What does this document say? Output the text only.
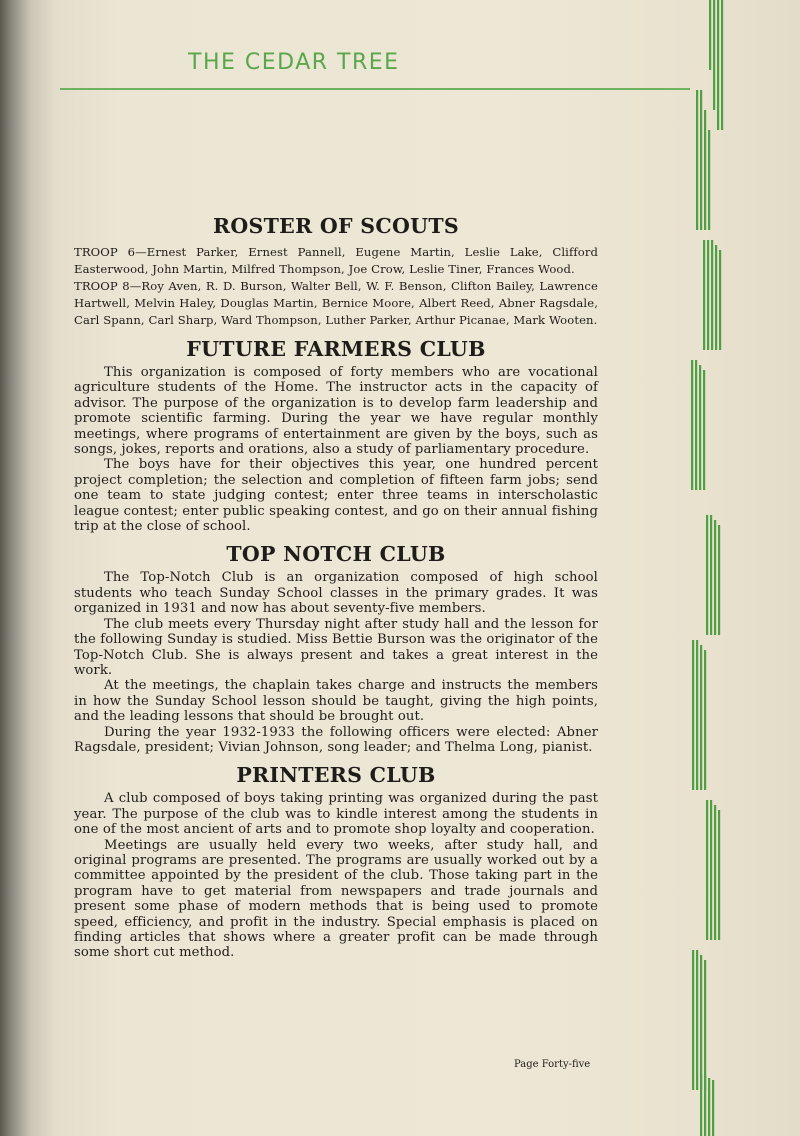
THE CEDAR TREE
ROSTER OF SCOUTS

TROOP 6—Ernest Parker, Ernest Pannell, Eugene Martin, Leslie Lake, Clifford Easterwood, John Martin, Milfred Thompson, Joe Crow, Leslie Tiner, Frances Wood.

TROOP 8—Roy Aven, R. D. Burson, Walter Bell, W. F. Benson, Clifton Bailey, Lawrence Hartwell, Melvin Haley, Douglas Martin, Bernice Moore, Albert Reed, Abner Ragsdale, Carl Spann, Carl Sharp, Ward Thompson, Luther Parker, Arthur Picanae, Mark Wooten.

FUTURE FARMERS CLUB

This organization is composed of forty members who are vocational agriculture students of the Home. The instructor acts in the capacity of advisor. The purpose of the organization is to develop farm leadership and promote scientific farming. During the year we have regular monthly meetings, where programs of entertainment are given by the boys, such as songs, jokes, reports and orations, also a study of parliamentary procedure.

The boys have for their objectives this year, one hundred percent project completion; the selection and completion of fifteen farm jobs; send one team to state judging contest; enter three teams in interscholastic league contest; enter public speaking contest, and go on their annual fishing trip at the close of school.

TOP NOTCH CLUB

The Top-Notch Club is an organization composed of high school students who teach Sunday School classes in the primary grades. It was organized in 1931 and now has about seventy-five members.

The club meets every Thursday night after study hall and the lesson for the following Sunday is studied. Miss Bettie Burson was the originator of the Top-Notch Club. She is always present and takes a great interest in the work.

At the meetings, the chaplain takes charge and instructs the members in how the Sunday School lesson should be taught, giving the high points, and the leading lessons that should be brought out.

During the year 1932-1933 the following officers were elected: Abner Ragsdale, president; Vivian Johnson, song leader; and Thelma Long, pianist.

PRINTERS CLUB

A club composed of boys taking printing was organized during the past year. The purpose of the club was to kindle interest among the students in one of the most ancient of arts and to promote shop loyalty and cooperation.

Meetings are usually held every two weeks, after study hall, and original programs are presented. The programs are usually worked out by a committee appointed by the president of the club. Those taking part in the program have to get material from newspapers and trade journals and present some phase of modern methods that is being used to promote speed, efficiency, and profit in the industry. Special emphasis is placed on finding articles that shows where a greater profit can be made through some short cut method.

Page Forty-five
